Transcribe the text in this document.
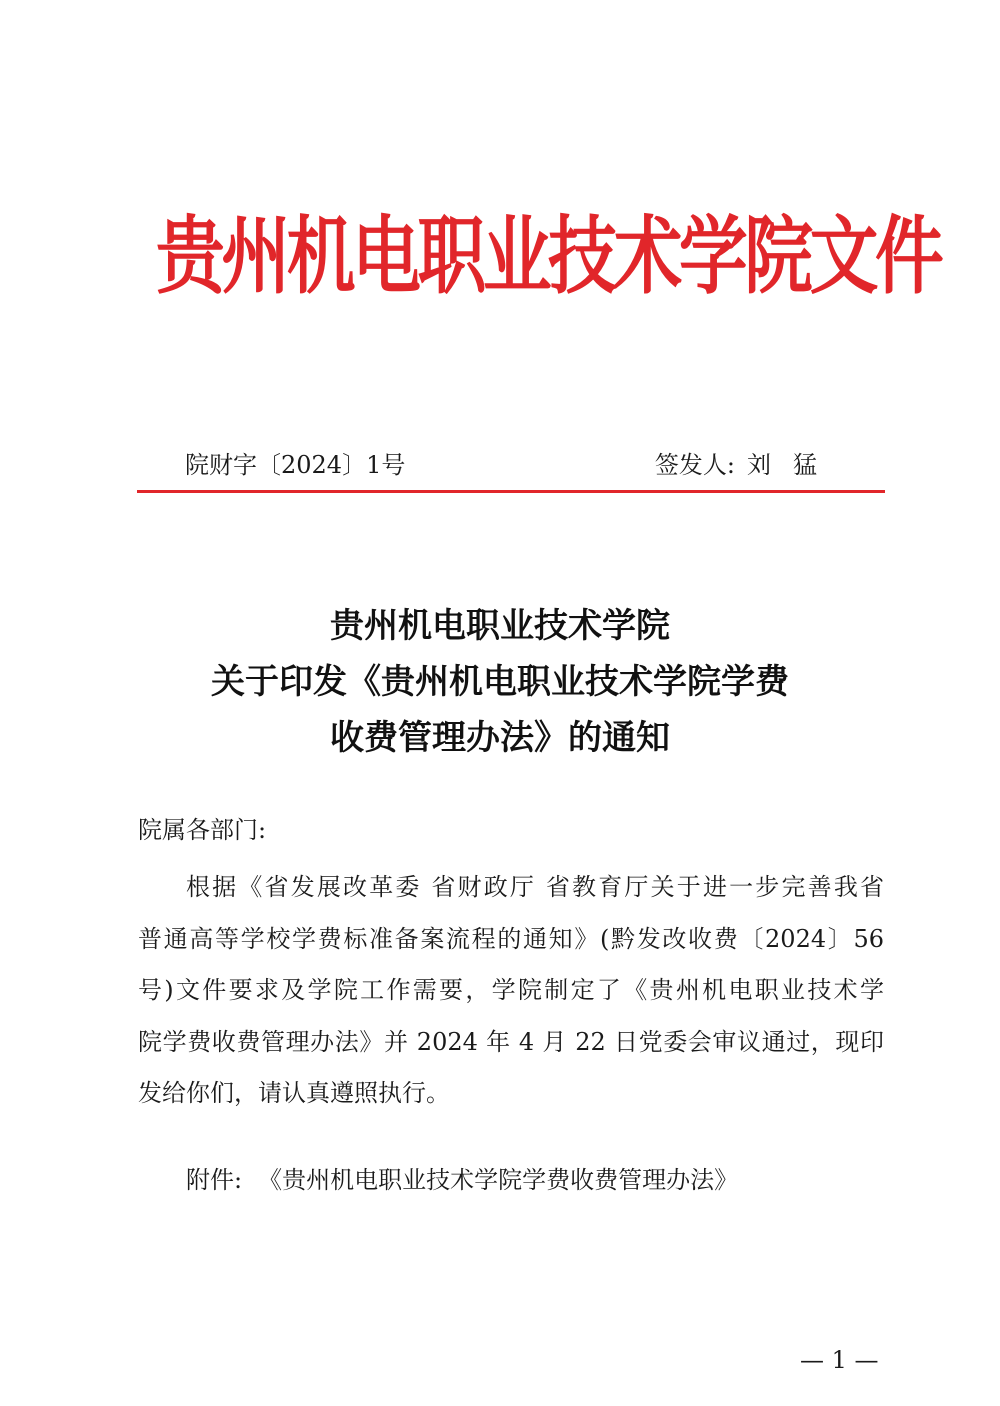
贵州机电职业技术学院文件
院财字〔2024〕1号	签发人: 刘猛
贵州机电职业技术学院
关于印发《贵州机电职业技术学院学费
收费管理办法》的通知
院属各部门:
根据《省发展改革委 省财政厅 省教育厅关于进一步完善我省
普通高等学校学费标准备案流程的通知》(黔发改收费〔2024〕56
号)文件要求及学院工作需要，学院制定了《贵州机电职业技术学
院学费收费管理办法》并 2024 年 4 月 22 日党委会审议通过，现印
发给你们，请认真遵照执行。
附件: 《贵州机电职业技术学院学费收费管理办法》
— 1 —
